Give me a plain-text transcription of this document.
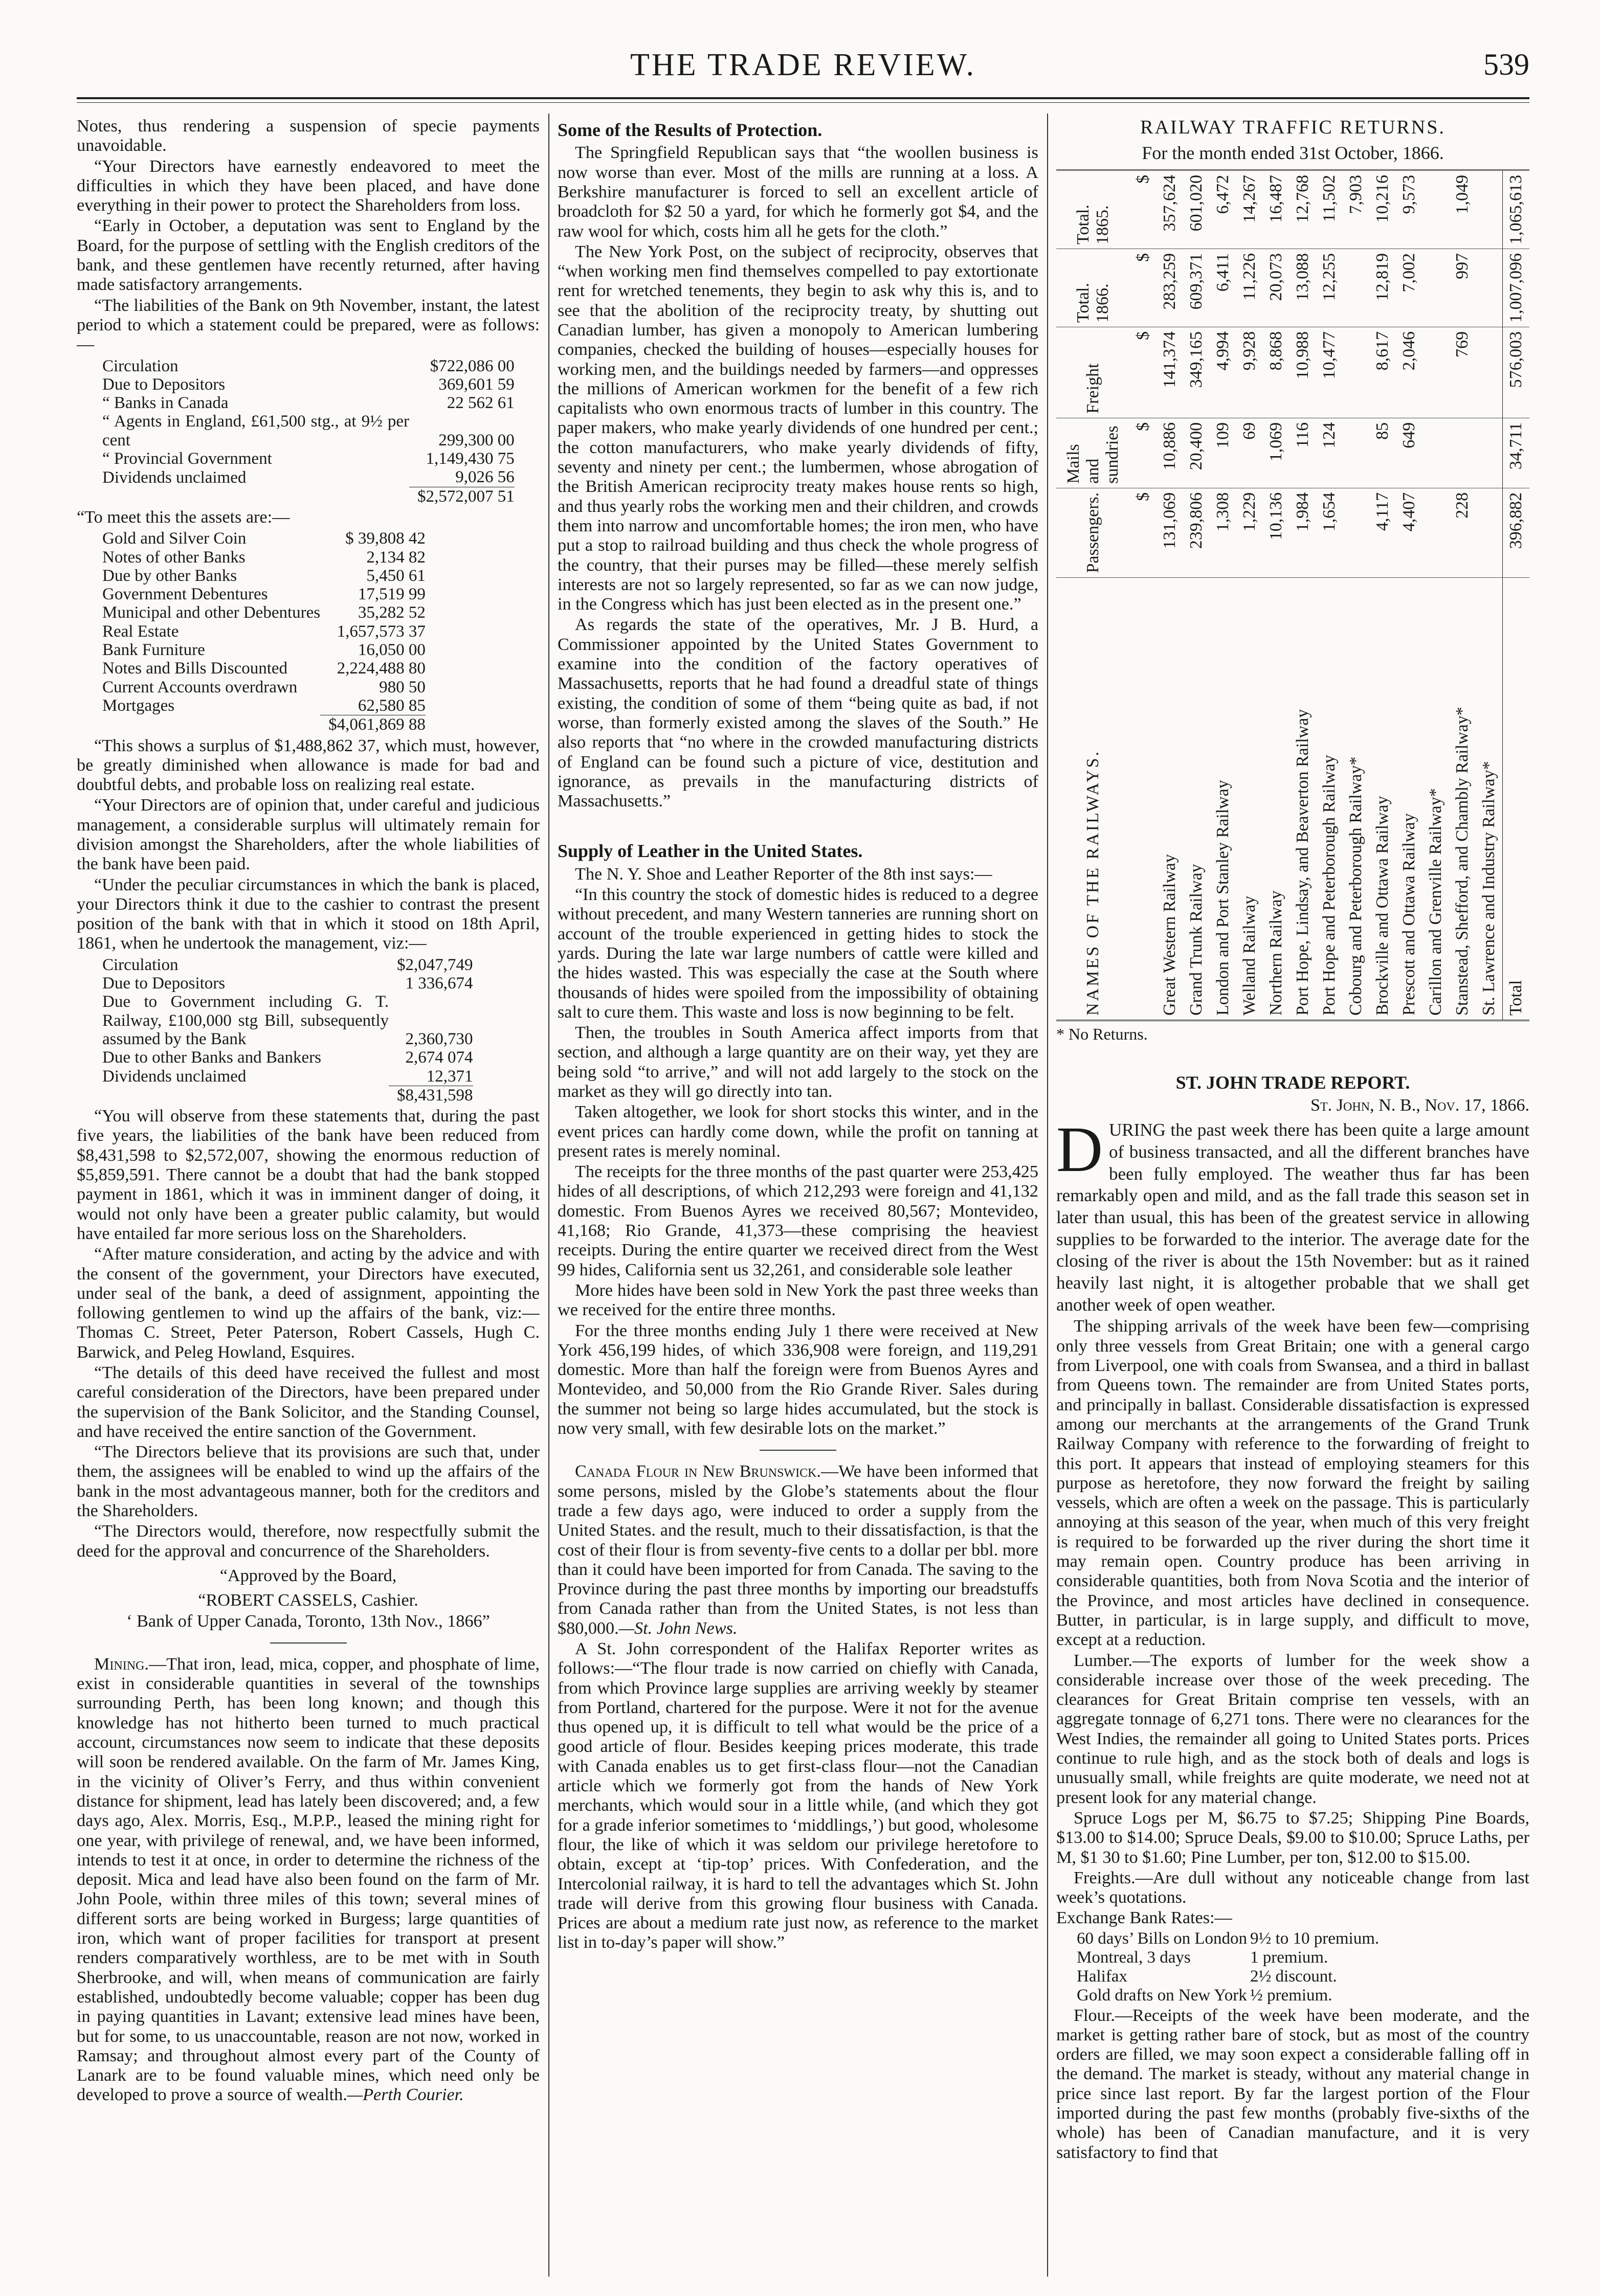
THE TRADE REVIEW.	539

Notes, thus rendering a suspension of specie payments unavoidable.

“Your Directors have earnestly endeavored to meet the difficulties in which they have been placed, and have done everything in their power to protect the Shareholders from loss.

“Early in October, a deputation was sent to England by the Board, for the purpose of settling with the English creditors of the bank, and these gentlemen have recently returned, after having made satisfactory arrangements.

“The liabilities of the Bank on 9th November, instant, the latest period to which a statement could be prepared, were as follows:—

Circulation	$722,086 00
Due to Depositors	369,601 59
“ Banks in Canada	22 562 61
“ Agents in England, £61,500 stg., at 9½ per cent	299,300 00
“ Provincial Government	1,149,430 75
Dividends unclaimed	9,026 56
	$2,572,007 51

“To meet this the assets are:—

Gold and Silver Coin	$ 39,808 42
Notes of other Banks	2,134 82
Due by other Banks	5,450 61
Government Debentures	17,519 99
Municipal and other Debentures	35,282 52
Real Estate	1,657,573 37
Bank Furniture	16,050 00
Notes and Bills Discounted	2,224,488 80
Current Accounts overdrawn	980 50
Mortgages	62,580 85
	$4,061,869 88

“This shows a surplus of $1,488,862 37, which must, however, be greatly diminished when allowance is made for bad and doubtful debts, and probable loss on realizing real estate.

“Your Directors are of opinion that, under careful and judicious management, a considerable surplus will ultimately remain for division amongst the Shareholders, after the whole liabilities of the bank have been paid.

“Under the peculiar circumstances in which the bank is placed, your Directors think it due to the cashier to contrast the present position of the bank with that in which it stood on 18th April, 1861, when he undertook the management, viz:—

Circulation	$2,047,749
Due to Depositors	1 336,674
Due to Government including G. T. Railway, £100,000 stg Bill, subsequently assumed by the Bank	2,360,730
Due to other Banks and Bankers	2,674 074
Dividends unclaimed	12,371
	$8,431,598

“You will observe from these statements that, during the past five years, the liabilities of the bank have been reduced from $8,431,598 to $2,572,007, showing the enormous reduction of $5,859,591. There cannot be a doubt that had the bank stopped payment in 1861, which it was in imminent danger of doing, it would not only have been a greater public calamity, but would have entailed far more serious loss on the Shareholders.

“After mature consideration, and acting by the advice and with the consent of the government, your Directors have executed, under seal of the bank, a deed of assignment, appointing the following gentlemen to wind up the affairs of the bank, viz:—Thomas C. Street, Peter Paterson, Robert Cassels, Hugh C. Barwick, and Peleg Howland, Esquires.

“The details of this deed have received the fullest and most careful consideration of the Directors, have been prepared under the supervision of the Bank Solicitor, and the Standing Counsel, and have received the entire sanction of the Government.

“The Directors believe that its provisions are such that, under them, the assignees will be enabled to wind up the affairs of the bank in the most advantageous manner, both for the creditors and the Shareholders.

“The Directors would, therefore, now respectfully submit the deed for the approval and concurrence of the Shareholders.

“Approved by the Board,

“ROBERT CASSELS, Cashier.

‘ Bank of Upper Canada, Toronto, 13th Nov., 1866”

Mining.—That iron, lead, mica, copper, and phosphate of lime, exist in considerable quantities in several of the townships surrounding Perth, has been long known; and though this knowledge has not hitherto been turned to much practical account, circumstances now seem to indicate that these deposits will soon be rendered available. On the farm of Mr. James King, in the vicinity of Oliver’s Ferry, and thus within convenient distance for shipment, lead has lately been discovered; and, a few days ago, Alex. Morris, Esq., M.P.P., leased the mining right for one year, with privilege of renewal, and, we have been informed, intends to test it at once, in order to determine the richness of the deposit. Mica and lead have also been found on the farm of Mr. John Poole, within three miles of this town; several mines of different sorts are being worked in Burgess; large quantities of iron, which want of proper facilities for transport at present renders comparatively worthless, are to be met with in South Sherbrooke, and will, when means of communication are fairly established, undoubtedly become valuable; copper has been dug in paying quantities in Lavant; extensive lead mines have been, but for some, to us unaccountable, reason are not now, worked in Ramsay; and throughout almost every part of the County of Lanark are to be found valuable mines, which need only be developed to prove a source of wealth.—Perth Courier.

Some of the Results of Protection.

The Springfield Republican says that “the woollen business is now worse than ever. Most of the mills are running at a loss. A Berkshire manufacturer is forced to sell an excellent article of broadcloth for $2 50 a yard, for which he formerly got $4, and the raw wool for which, costs him all he gets for the cloth.”

The New York Post, on the subject of reciprocity, observes that “when working men find themselves compelled to pay extortionate rent for wretched tenements, they begin to ask why this is, and to see that the abolition of the reciprocity treaty, by shutting out Canadian lumber, has given a monopoly to American lumbering companies, checked the building of houses—especially houses for working men, and the buildings needed by farmers—and oppresses the millions of American workmen for the benefit of a few rich capitalists who own enormous tracts of lumber in this country. The paper makers, who make yearly dividends of one hundred per cent.; the cotton manufacturers, who make yearly dividends of fifty, seventy and ninety per cent.; the lumbermen, whose abrogation of the British American reciprocity treaty makes house rents so high, and thus yearly robs the working men and their children, and crowds them into narrow and uncomfortable homes; the iron men, who have put a stop to railroad building and thus check the whole progress of the country, that their purses may be filled—these merely selfish interests are not so largely represented, so far as we can now judge, in the Congress which has just been elected as in the present one.”

As regards the state of the operatives, Mr. J B. Hurd, a Commissioner appointed by the United States Government to examine into the condition of the factory operatives of Massachusetts, reports that he had found a dreadful state of things existing, the condition of some of them “being quite as bad, if not worse, than formerly existed among the slaves of the South.” He also reports that “no where in the crowded manufacturing districts of England can be found such a picture of vice, destitution and ignorance, as prevails in the manufacturing districts of Massachusetts.”

Supply of Leather in the United States.

The N. Y. Shoe and Leather Reporter of the 8th inst says:—

“In this country the stock of domestic hides is reduced to a degree without precedent, and many Western tanneries are running short on account of the trouble experienced in getting hides to stock the yards. During the late war large numbers of cattle were killed and the hides wasted. This was especially the case at the South where thousands of hides were spoiled from the impossibility of obtaining salt to cure them. This waste and loss is now beginning to be felt.

Then, the troubles in South America affect imports from that section, and although a large quantity are on their way, yet they are being sold “to arrive,” and will not add largely to the stock on the market as they will go directly into tan.

Taken altogether, we look for short stocks this winter, and in the event prices can hardly come down, while the profit on tanning at present rates is merely nominal.

The receipts for the three months of the past quarter were 253,425 hides of all descriptions, of which 212,293 were foreign and 41,132 domestic. From Buenos Ayres we received 80,567; Montevideo, 41,168; Rio Grande, 41,373—these comprising the heaviest receipts. During the entire quarter we received direct from the West 99 hides, California sent us 32,261, and considerable sole leather

More hides have been sold in New York the past three weeks than we received for the entire three months.

For the three months ending July 1 there were received at New York 456,199 hides, of which 336,908 were foreign, and 119,291 domestic. More than half the foreign were from Buenos Ayres and Montevideo, and 50,000 from the Rio Grande River. Sales during the summer not being so large hides accumulated, but the stock is now very small, with few desirable lots on the market.”

Canada Flour in New Brunswick.—We have been informed that some persons, misled by the Globe’s statements about the flour trade a few days ago, were induced to order a supply from the United States. and the result, much to their dissatisfaction, is that the cost of their flour is from seventy-five cents to a dollar per bbl. more than it could have been imported for from Canada. The saving to the Province during the past three months by importing our breadstuffs from Canada rather than from the United States, is not less than $80,000.—St. John News.

A St. John correspondent of the Halifax Reporter writes as follows:—“The flour trade is now carried on chiefly with Canada, from which Province large supplies are arriving weekly by steamer from Portland, chartered for the purpose. Were it not for the avenue thus opened up, it is difficult to tell what would be the price of a good article of flour. Besides keeping prices moderate, this trade with Canada enables us to get first-class flour—not the Canadian article which we formerly got from the hands of New York merchants, which would sour in a little while, (and which they got for a grade inferior sometimes to ‘middlings,’) but good, wholesome flour, the like of which it was seldom our privilege heretofore to obtain, except at ‘tip-top’ prices. With Confederation, and the Intercolonial railway, it is hard to tell the advantages which St. John trade will derive from this growing flour business with Canada. Prices are about a medium rate just now, as reference to the market list in to-day’s paper will show.”

RAILWAY TRAFFIC RETURNS.
For the month ended 31st October, 1866.
NAMES OF THE RAILWAYS.	Passengers.	Mails and sundries	Freight	Total. 1866.	Total. 1865.
	$	$	$	$	$
Great Western Railway	131,069	10,886	141,374	283,259	357,624
Grand Trunk Railway	239,806	20,400	349,165	609,371	601,020
London and Port Stanley Railway	1,308	109	4,994	6,411	6,472
Welland Railway	1,229	69	9,928	11,226	14,267
Northern Railway	10,136	1,069	8,868	20,073	16,487
Port Hope, Lindsay, and Beaverton Railway	1,984	116	10,988	13,088	12,768
Port Hope and Peterborough Railway	1,654	124	10,477	12,255	11,502
Cobourg and Peterborough Railway*					7,903
Brockville and Ottawa Railway	4,117	85	8,617	12,819	10,216
Prescott and Ottawa Railway	4,407	649	2,046	7,002	9,573
Carillon and Grenville Railway*					
Stanstead, Shefford, and Chambly Railway*	228		769	997	1,049
St. Lawrence and Industry Railway*					
Total	396,882	34,711	576,003	1,007,096	1,065,613

* No Returns.

ST. JOHN TRADE REPORT.

St. John, N. B., Nov. 17, 1866.

DURING the past week there has been quite a large amount of business transacted, and all the different branches have been fully employed. The weather thus far has been remarkably open and mild, and as the fall trade this season set in later than usual, this has been of the greatest service in allowing supplies to be forwarded to the interior. The average date for the closing of the river is about the 15th November: but as it rained heavily last night, it is altogether probable that we shall get another week of open weather.

The shipping arrivals of the week have been few—comprising only three vessels from Great Britain; one with a general cargo from Liverpool, one with coals from Swansea, and a third in ballast from Queens town. The remainder are from United States ports, and principally in ballast. Considerable dissatisfaction is expressed among our merchants at the arrangements of the Grand Trunk Railway Company with reference to the forwarding of freight to this port. It appears that instead of employing steamers for this purpose as heretofore, they now forward the freight by sailing vessels, which are often a week on the passage. This is particularly annoying at this season of the year, when much of this very freight is required to be forwarded up the river during the short time it may remain open. Country produce has been arriving in considerable quantities, both from Nova Scotia and the interior of the Province, and most articles have declined in consequence. Butter, in particular, is in large supply, and difficult to move, except at a reduction.

Lumber.—The exports of lumber for the week show a considerable increase over those of the week preceding. The clearances for Great Britain comprise ten vessels, with an aggregate tonnage of 6,271 tons. There were no clearances for the West Indies, the remainder all going to United States ports. Prices continue to rule high, and as the stock both of deals and logs is unusually small, while freights are quite moderate, we need not at present look for any material change.

Spruce Logs per M, $6.75 to $7.25; Shipping Pine Boards, $13.00 to $14.00; Spruce Deals, $9.00 to $10.00; Spruce Laths, per M, $1 30 to $1.60; Pine Lumber, per ton, $12.00 to $15.00.

Freights.—Are dull without any noticeable change from last week’s quotations.

Exchange Bank Rates:—

60 days’ Bills on London	9½ to 10 premium.
Montreal, 3 days	1 premium.
Halifax	2½ discount.
Gold drafts on New York	½ premium.

Flour.—Receipts of the week have been moderate, and the market is getting rather bare of stock, but as most of the country orders are filled, we may soon expect a considerable falling off in the demand. The market is steady, without any material change in price since last report. By far the largest portion of the Flour imported during the past few months (probably five-sixths of the whole) has been of Canadian manufacture, and it is very satisfactory to find that
